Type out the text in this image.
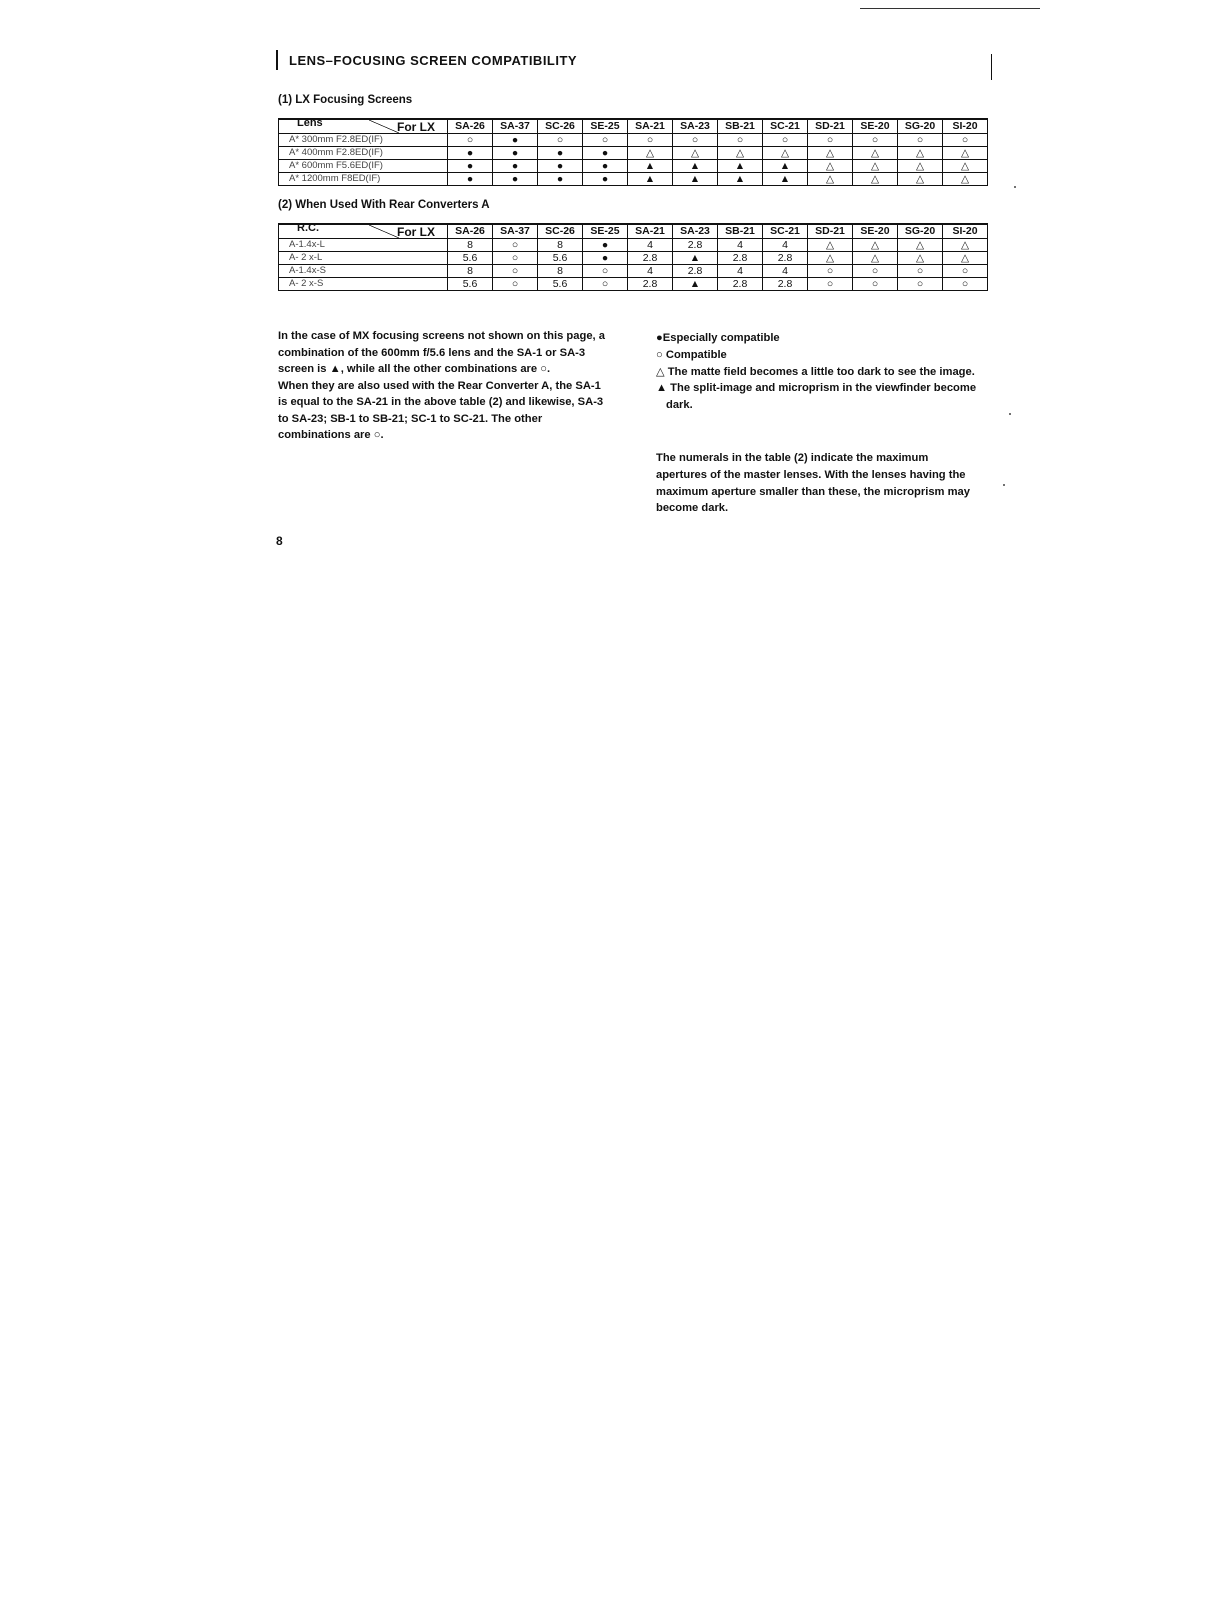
LENS–FOCUSING SCREEN COMPATIBILITY
(1) LX Focusing Screens
Lens For LX	SA-26	SA-37	SC-26	SE-25	SA-21	SA-23	SB-21	SC-21	SD-21	SE-20	SG-20	SI-20
A* 300mm F2.8ED(IF)	○	●	○	○	○	○	○	○	○	○	○	○
A* 400mm F2.8ED(IF)	●	●	●	●	△	△	△	△	△	△	△	△
A* 600mm F5.6ED(IF)	●	●	●	●	▲	▲	▲	▲	△	△	△	△
A* 1200mm F8ED(IF)	●	●	●	●	▲	▲	▲	▲	△	△	△	△
(2) When Used With Rear Converters A
R.C. For LX	SA-26	SA-37	SC-26	SE-25	SA-21	SA-23	SB-21	SC-21	SD-21	SE-20	SG-20	SI-20
A-1.4x-L	8	○	8	●	4	2.8	4	4	△	△	△	△
A- 2 x-L	5.6	○	5.6	●	2.8	▲	2.8	2.8	△	△	△	△
A-1.4x-S	8	○	8	○	4	2.8	4	4	○	○	○	○
A- 2 x-S	5.6	○	5.6	○	2.8	▲	2.8	2.8	○	○	○	○

In the case of MX focusing screens not shown on this page, a combination of the 600mm f/5.6 lens and the SA-1 or SA-3 screen is ▲, while all the other combinations are ○.

When they are also used with the Rear Converter A, the SA-1 is equal to the SA-21 in the above table (2) and likewise, SA-3 to SA-23; SB-1 to SB-21; SC-1 to SC-21. The other combinations are ○.

●Especially compatible

○ Compatible

△ The matte field becomes a little too dark to see the image.

▲ The split-image and microprism in the viewfinder become dark.

The numerals in the table (2) indicate the maximum apertures of the master lenses. With the lenses having the maximum aperture smaller than these, the microprism may become dark.

8
